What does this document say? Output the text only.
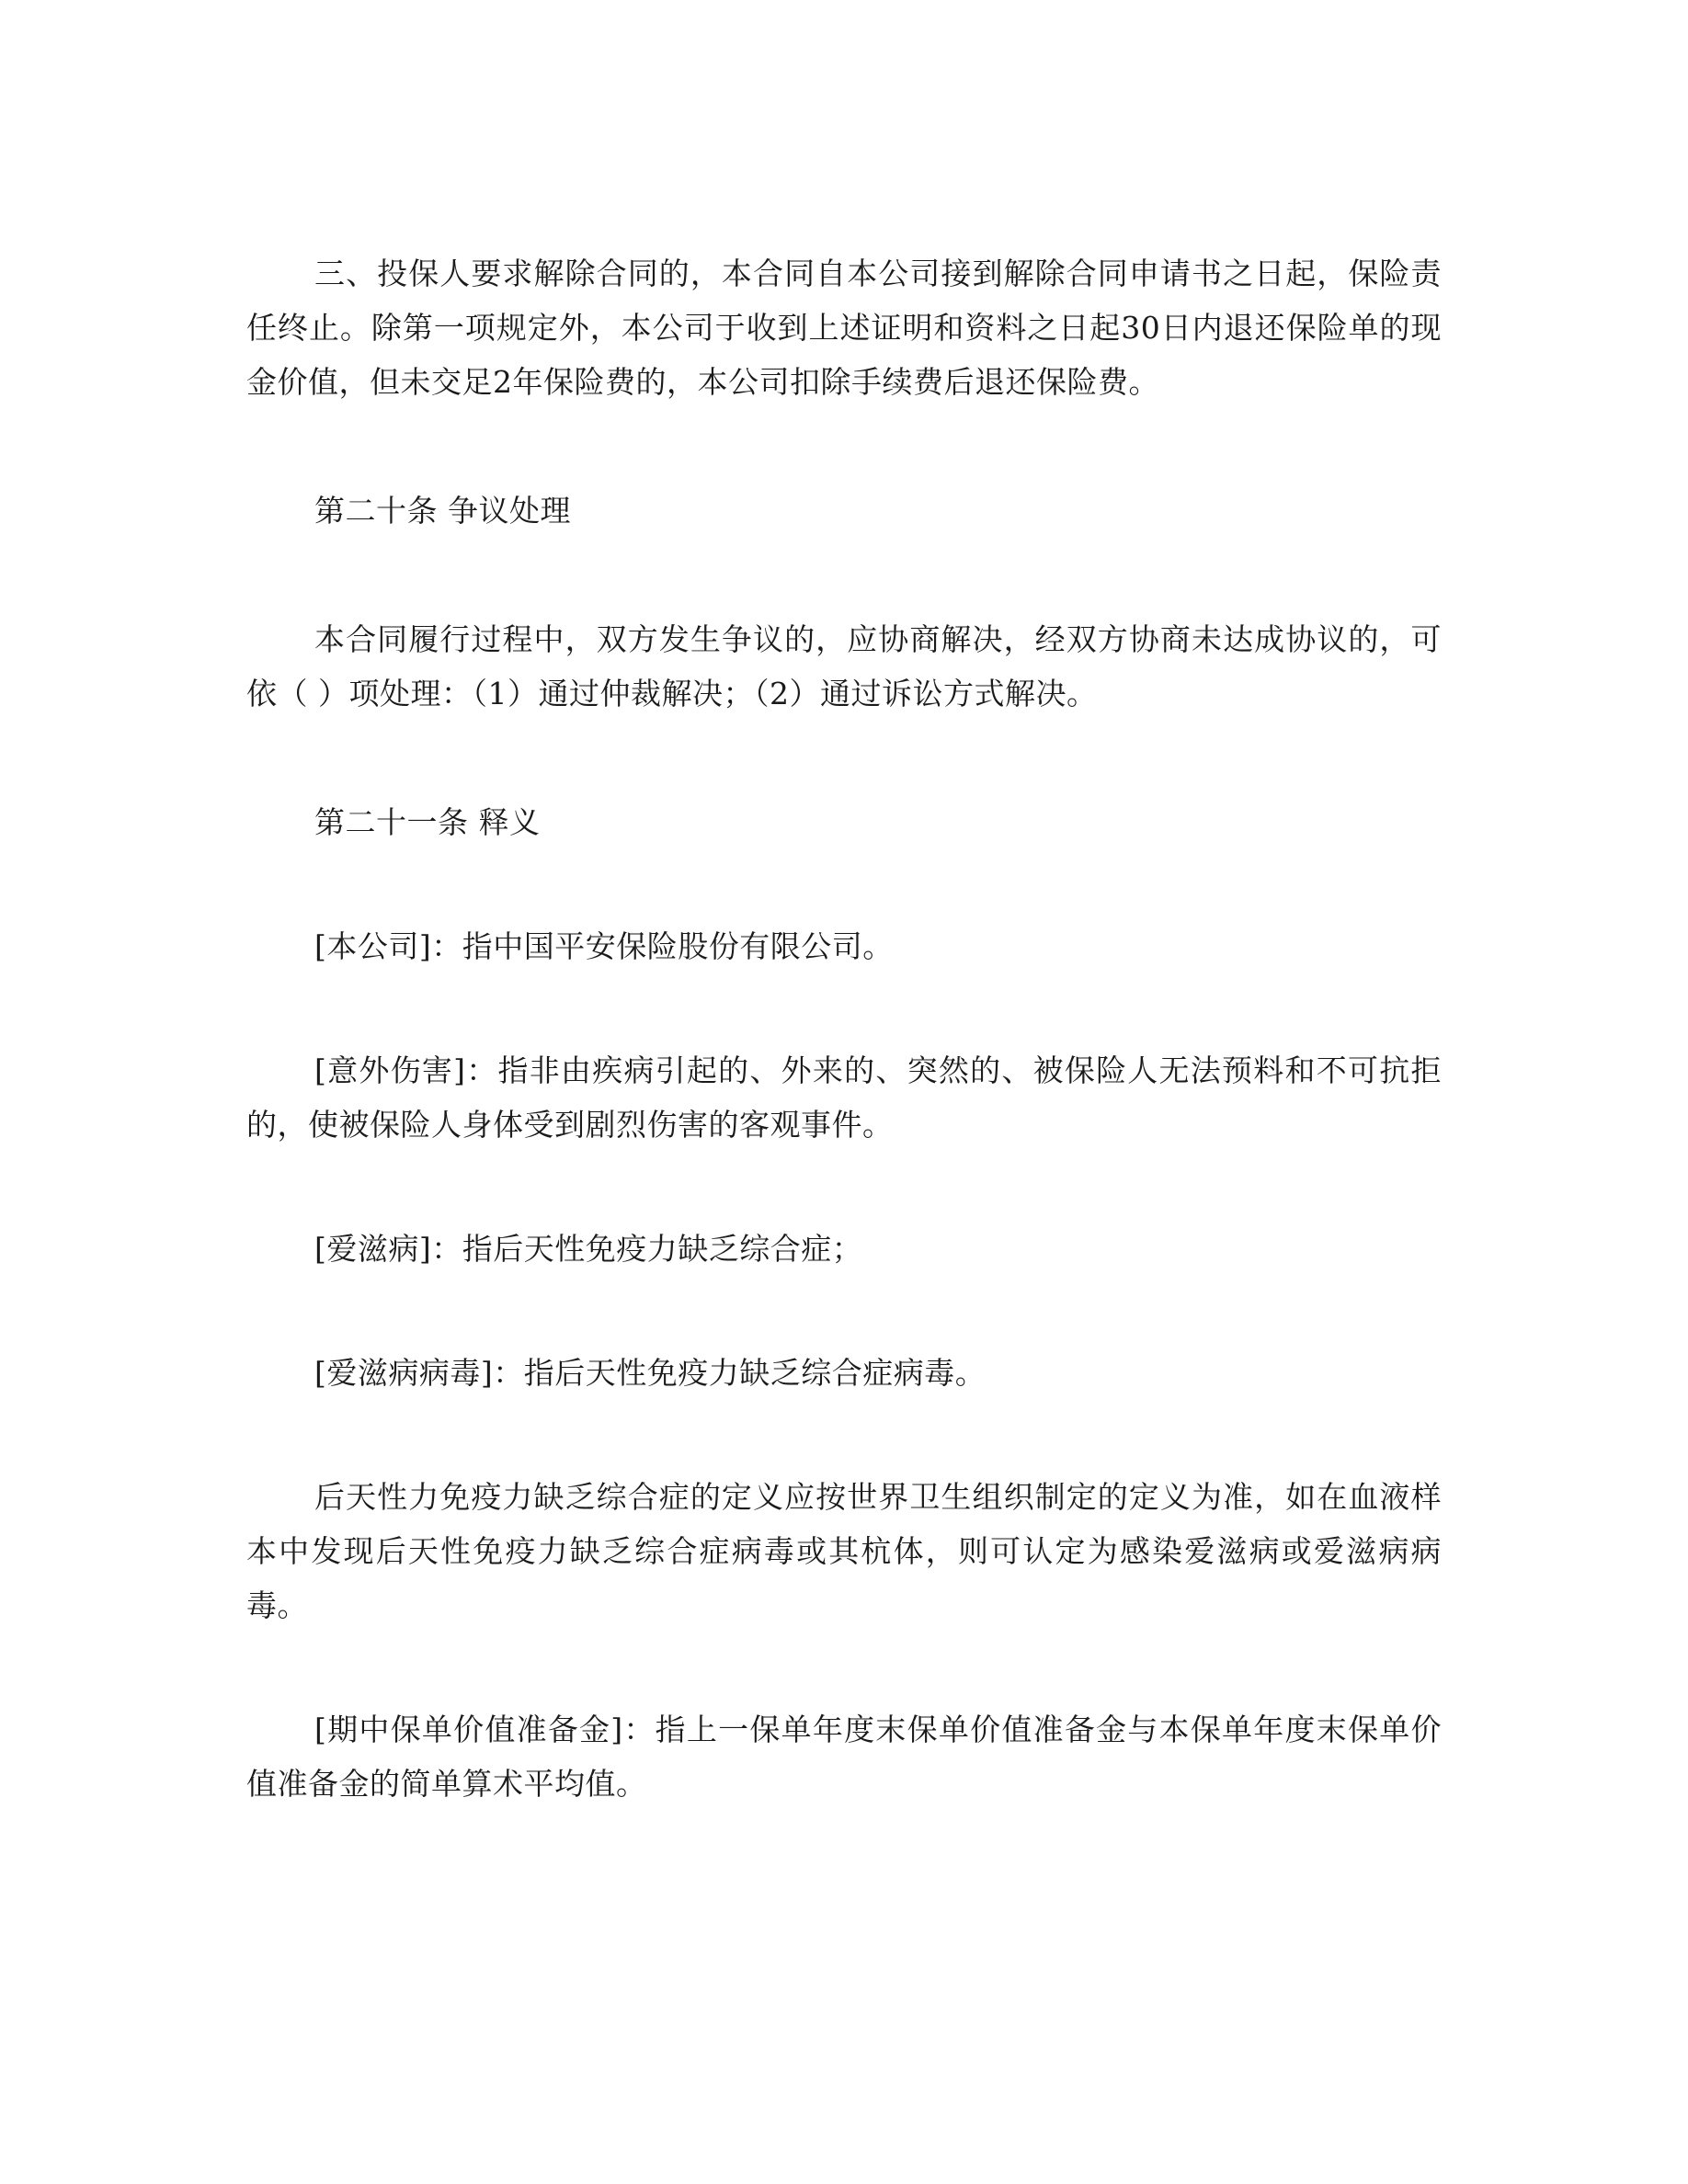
三、投保人要求解除合同的，本合同自本公司接到解除合同申请书之日起，保险责任终止。除第一项规定外，本公司于收到上述证明和资料之日起30日内退还保险单的现金价值，但未交足2年保险费的，本公司扣除手续费后退还保险费。

第二十条 争议处理

本合同履行过程中，双方发生争议的，应协商解决，经双方协商未达成协议的，可依（ ）项处理：（1）通过仲裁解决；（2）通过诉讼方式解决。

第二十一条 释义

[本公司]：指中国平安保险股份有限公司。

[意外伤害]：指非由疾病引起的、外来的、突然的、被保险人无法预料和不可抗拒的，使被保险人身体受到剧烈伤害的客观事件。

[爱滋病]：指后天性免疫力缺乏综合症；

[爱滋病病毒]：指后天性免疫力缺乏综合症病毒。

后天性力免疫力缺乏综合症的定义应按世界卫生组织制定的定义为准，如在血液样本中发现后天性免疫力缺乏综合症病毒或其杭体，则可认定为感染爱滋病或爱滋病病毒。

[期中保单价值准备金]：指上一保单年度末保单价值准备金与本保单年度末保单价值准备金的简单算术平均值。
